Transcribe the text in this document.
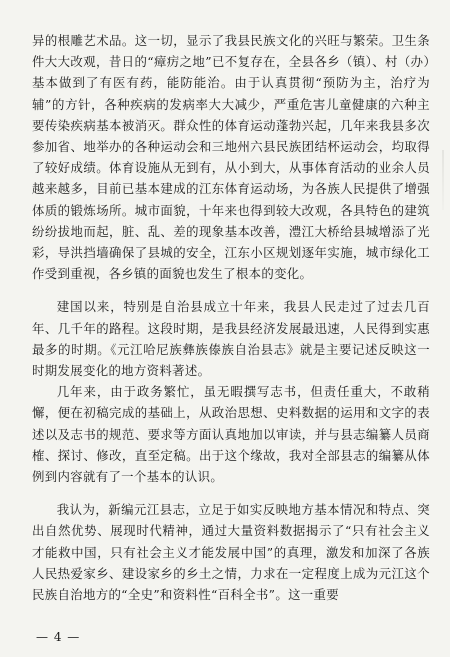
异的根雕艺术品。这一切，显示了我县民族文化的兴旺与繁荣。卫生条件大大改观，昔日的“瘴疠之地”已不复存在，全县各乡（镇）、村（办）基本做到了有医有药，能防能治。由于认真贯彻“预防为主，治疗为辅”的方针，各种疾病的发病率大大减少，严重危害儿童健康的六种主要传染疾病基本被消灭。群众性的体育运动蓬勃兴起，几年来我县多次参加省、地举办的各种运动会和三地州六县民族团结杯运动会，均取得了较好成绩。体育设施从无到有，从小到大，从事体育活动的业余人员越来越多，目前已基本建成的江东体育运动场，为各族人民提供了增强体质的锻炼场所。城市面貌，十年来也得到较大改观，各具特色的建筑纷纷拔地而起，脏、乱、差的现象基本改善，澧江大桥给县城增添了光彩，导洪挡墙确保了县城的安全，江东小区规划逐年实施，城市绿化工作受到重视，各乡镇的面貌也发生了根本的变化。

建国以来，特别是自治县成立十年来，我县人民走过了过去几百年、几千年的路程。这段时期，是我县经济发展最迅速，人民得到实惠最多的时期。《元江哈尼族彝族傣族自治县志》就是主要记述反映这一时期发展变化的地方资料著述。

几年来，由于政务繁忙，虽无暇撰写志书，但责任重大，不敢稍懈，便在初稿完成的基础上，从政治思想、史料数据的运用和文字的表述以及志书的规范、要求等方面认真地加以审读，并与县志编纂人员商榷、探讨、修改，直至定稿。出于这个缘故，我对全部县志的编纂从体例到内容就有了一个基本的认识。

我认为，新编元江县志，立足于如实反映地方基本情况和特点、突出自然优势、展现时代精神，通过大量资料数据揭示了“只有社会主义才能救中国，只有社会主义才能发展中国”的真理，激发和加深了各族人民热爱家乡、建设家乡的乡土之情，力求在一定程度上成为元江这个民族自治地方的“全史”和资料性“百科全书”。这一重要

— 4 —
